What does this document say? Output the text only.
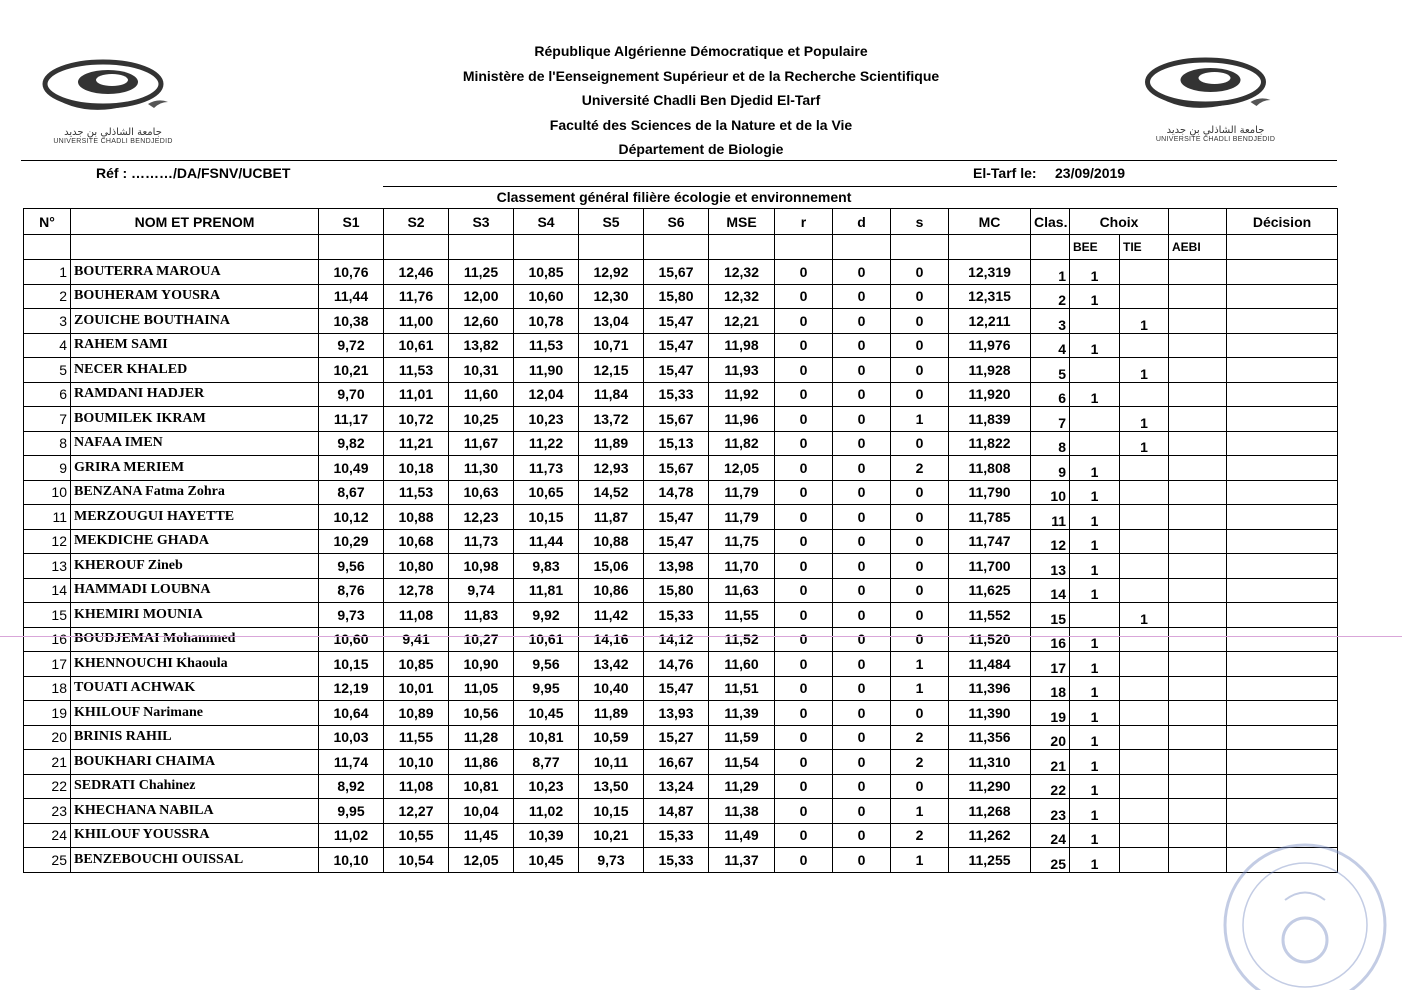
جامعة الشاذلي بن جديد
UNIVERSITE CHADLI BENDJEDID
جامعة الشاذلي بن جديد
UNIVERSITE CHADLI BENDJEDID
République Algérienne Démocratique et Populaire
Ministère de l'Eenseignement Supérieur et de la Recherche Scientifique
Université Chadli Ben Djedid El-Tarf
Faculté des Sciences de la Nature et de la Vie
Département de Biologie
Réf : ………/DA/FSNV/UCBET	El-Tarf le: 23/09/2019
Classement général filière écologie et environnement
N°	NOM ET PRENOM	S1	S2	S3	S4	S5	S6	MSE	r	d	s	MC	Clas.	Choix			Décision
														BEE	TIE	AEBI	
1	BOUTERRA MAROUA	10,76	12,46	11,25	10,85	12,92	15,67	12,32	0	0	0	12,319	1	1			
2	BOUHERAM YOUSRA	11,44	11,76	12,00	10,60	12,30	15,80	12,32	0	0	0	12,315	2	1			
3	ZOUICHE BOUTHAINA	10,38	11,00	12,60	10,78	13,04	15,47	12,21	0	0	0	12,211	3		1		
4	RAHEM SAMI	9,72	10,61	13,82	11,53	10,71	15,47	11,98	0	0	0	11,976	4	1			
5	NECER KHALED	10,21	11,53	10,31	11,90	12,15	15,47	11,93	0	0	0	11,928	5		1		
6	RAMDANI HADJER	9,70	11,01	11,60	12,04	11,84	15,33	11,92	0	0	0	11,920	6	1			
7	BOUMILEK IKRAM	11,17	10,72	10,25	10,23	13,72	15,67	11,96	0	0	1	11,839	7		1		
8	NAFAA IMEN	9,82	11,21	11,67	11,22	11,89	15,13	11,82	0	0	0	11,822	8		1		
9	GRIRA MERIEM	10,49	10,18	11,30	11,73	12,93	15,67	12,05	0	0	2	11,808	9	1			
10	BENZANA Fatma Zohra	8,67	11,53	10,63	10,65	14,52	14,78	11,79	0	0	0	11,790	10	1			
11	MERZOUGUI HAYETTE	10,12	10,88	12,23	10,15	11,87	15,47	11,79	0	0	0	11,785	11	1			
12	MEKDICHE GHADA	10,29	10,68	11,73	11,44	10,88	15,47	11,75	0	0	0	11,747	12	1			
13	KHEROUF Zineb	9,56	10,80	10,98	9,83	15,06	13,98	11,70	0	0	0	11,700	13	1			
14	HAMMADI LOUBNA	8,76	12,78	9,74	11,81	10,86	15,80	11,63	0	0	0	11,625	14	1			
15	KHEMIRI MOUNIA	9,73	11,08	11,83	9,92	11,42	15,33	11,55	0	0	0	11,552	15		1		
16	BOUDJEMAI Mohammed	10,60	9,41	10,27	10,61	14,16	14,12	11,52	0	0	0	11,520	16	1			
17	KHENNOUCHI Khaoula	10,15	10,85	10,90	9,56	13,42	14,76	11,60	0	0	1	11,484	17	1			
18	TOUATI ACHWAK	12,19	10,01	11,05	9,95	10,40	15,47	11,51	0	0	1	11,396	18	1			
19	KHILOUF Narimane	10,64	10,89	10,56	10,45	11,89	13,93	11,39	0	0	0	11,390	19	1			
20	BRINIS RAHIL	10,03	11,55	11,28	10,81	10,59	15,27	11,59	0	0	2	11,356	20	1			
21	BOUKHARI CHAIMA	11,74	10,10	11,86	8,77	10,11	16,67	11,54	0	0	2	11,310	21	1			
22	SEDRATI Chahinez	8,92	11,08	10,81	10,23	13,50	13,24	11,29	0	0	0	11,290	22	1			
23	KHECHANA NABILA	9,95	12,27	10,04	11,02	10,15	14,87	11,38	0	0	1	11,268	23	1			
24	KHILOUF YOUSSRA	11,02	10,55	11,45	10,39	10,21	15,33	11,49	0	0	2	11,262	24	1			
25	BENZEBOUCHI OUISSAL	10,10	10,54	12,05	10,45	9,73	15,33	11,37	0	0	1	11,255	25	1			
